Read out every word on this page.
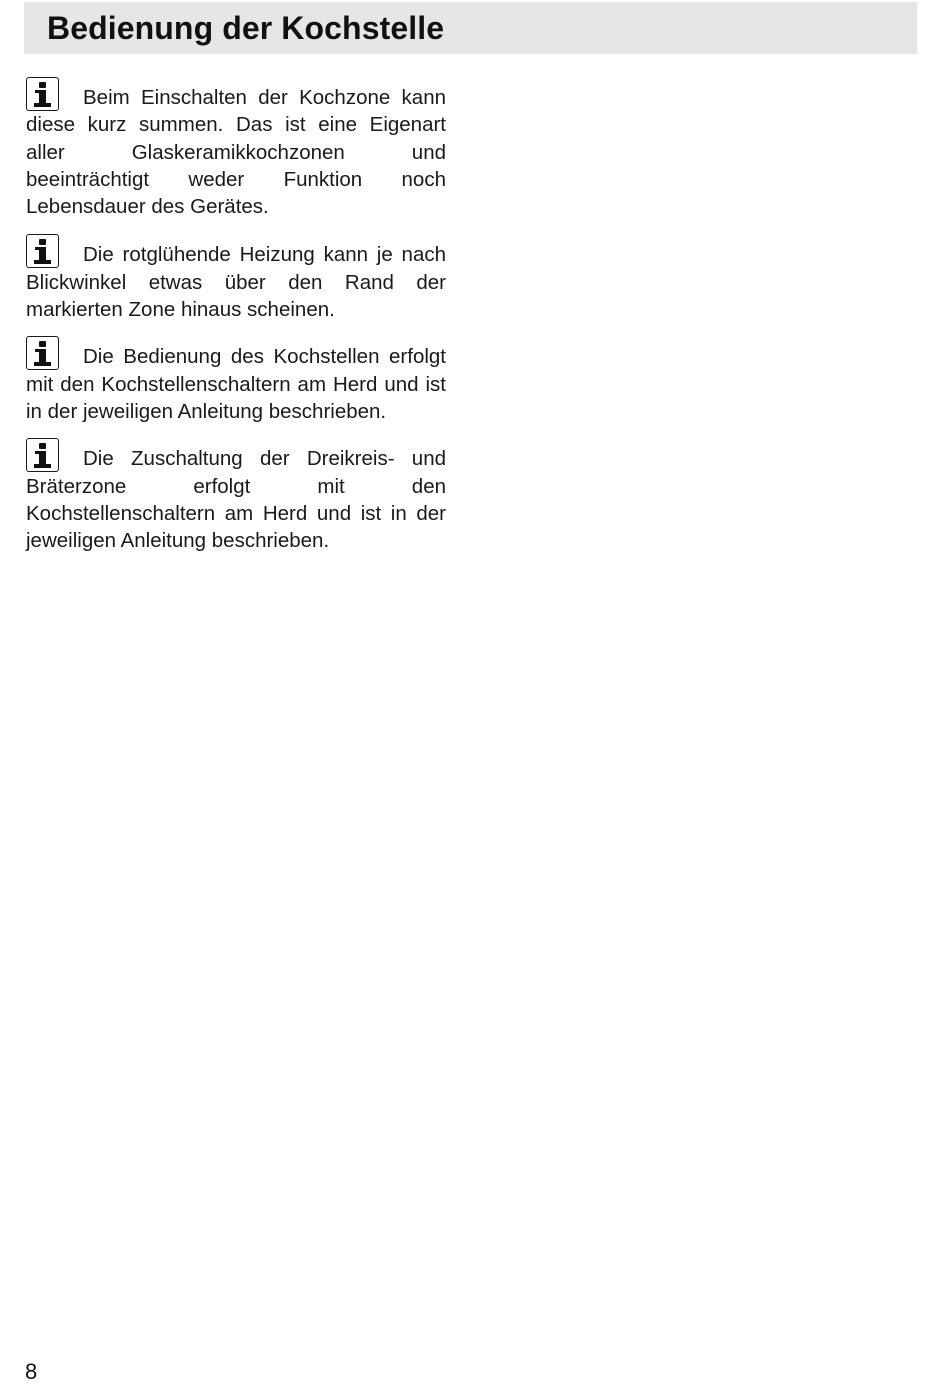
Bedienung der Kochstelle

Beim Einschalten der Kochzone kann diese kurz summen. Das ist eine Eigenart aller Glaskeramikkochzonen und beeinträchtigt weder Funktion noch Lebensdauer des Gerätes.

Die rotglühende Heizung kann je nach Blickwinkel etwas über den Rand der markierten Zone hinaus scheinen.

Die Bedienung des Kochstellen erfolgt mit den Kochstellenschaltern am Herd und ist in der jeweiligen Anleitung beschrieben.

Die Zuschaltung der Dreikreis- und Bräterzone erfolgt mit den Kochstellenschaltern am Herd und ist in der jeweiligen Anleitung beschrieben.

8
